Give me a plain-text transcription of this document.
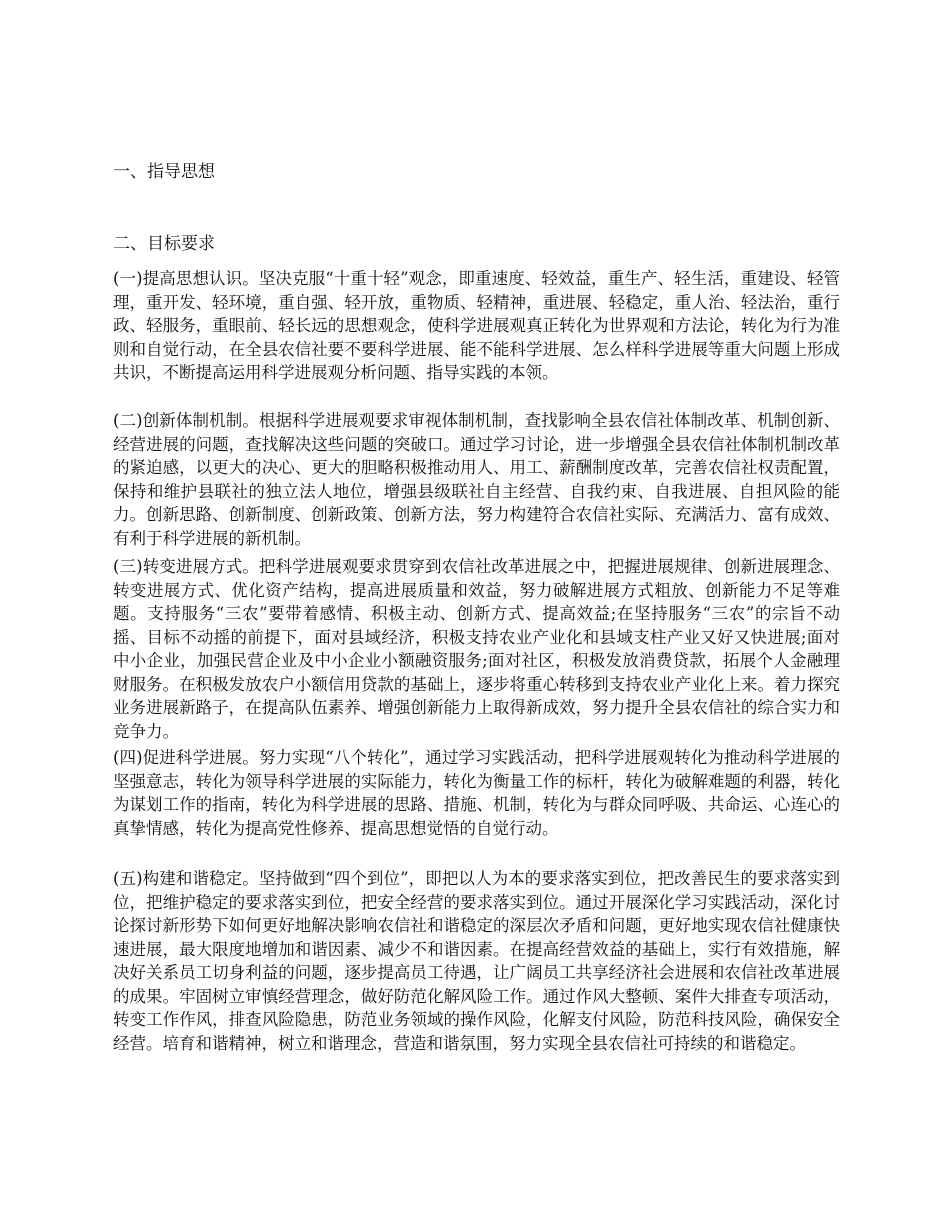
一、指导思想
二、目标要求

(一)提高思想认识。坚决克服“十重十轻”观念，即重速度、轻效益，重生产、轻生活，重建设、轻管理，重开发、轻环境，重自强、轻开放，重物质、轻精神，重进展、轻稳定，重人治、轻法治，重行政、轻服务，重眼前、轻长远的思想观念，使科学进展观真正转化为世界观和方法论，转化为行为准则和自觉行动，在全县农信社要不要科学进展、能不能科学进展、怎么样科学进展等重大问题上形成共识，不断提高运用科学进展观分析问题、指导实践的本领。

(二)创新体制机制。根据科学进展观要求审视体制机制，查找影响全县农信社体制改革、机制创新、经营进展的问题，查找解决这些问题的突破口。通过学习讨论，进一步增强全县农信社体制机制改革的紧迫感，以更大的决心、更大的胆略积极推动用人、用工、薪酬制度改革，完善农信社权责配置，保持和维护县联社的独立法人地位，增强县级联社自主经营、自我约束、自我进展、自担风险的能力。创新思路、创新制度、创新政策、创新方法，努力构建符合农信社实际、充满活力、富有成效、有利于科学进展的新机制。

(三)转变进展方式。把科学进展观要求贯穿到农信社改革进展之中，把握进展规律、创新进展理念、转变进展方式、优化资产结构，提高进展质量和效益，努力破解进展方式粗放、创新能力不足等难题。支持服务“三农”要带着感情、积极主动、创新方式、提高效益;在坚持服务“三农”的宗旨不动摇、目标不动摇的前提下，面对县域经济，积极支持农业产业化和县域支柱产业又好又快进展;面对中小企业，加强民营企业及中小企业小额融资服务;面对社区，积极发放消费贷款，拓展个人金融理财服务。在积极发放农户小额信用贷款的基础上，逐步将重心转移到支持农业产业化上来。着力探究业务进展新路子，在提高队伍素养、增强创新能力上取得新成效，努力提升全县农信社的综合实力和竞争力。

(四)促进科学进展。努力实现“八个转化”，通过学习实践活动，把科学进展观转化为推动科学进展的坚强意志，转化为领导科学进展的实际能力，转化为衡量工作的标杆，转化为破解难题的利器，转化为谋划工作的指南，转化为科学进展的思路、措施、机制，转化为与群众同呼吸、共命运、心连心的真挚情感，转化为提高党性修养、提高思想觉悟的自觉行动。

(五)构建和谐稳定。坚持做到“四个到位”，即把以人为本的要求落实到位，把改善民生的要求落实到位，把维护稳定的要求落实到位，把安全经营的要求落实到位。通过开展深化学习实践活动，深化讨论探讨新形势下如何更好地解决影响农信社和谐稳定的深层次矛盾和问题，更好地实现农信社健康快速进展，最大限度地增加和谐因素、减少不和谐因素。在提高经营效益的基础上，实行有效措施，解决好关系员工切身利益的问题，逐步提高员工待遇，让广阔员工共享经济社会进展和农信社改革进展的成果。牢固树立审慎经营理念，做好防范化解风险工作。通过作风大整顿、案件大排查专项活动，转变工作作风，排查风险隐患，防范业务领域的操作风险，化解支付风险，防范科技风险，确保安全经营。培育和谐精神，树立和谐理念，营造和谐氛围，努力实现全县农信社可持续的和谐稳定。
